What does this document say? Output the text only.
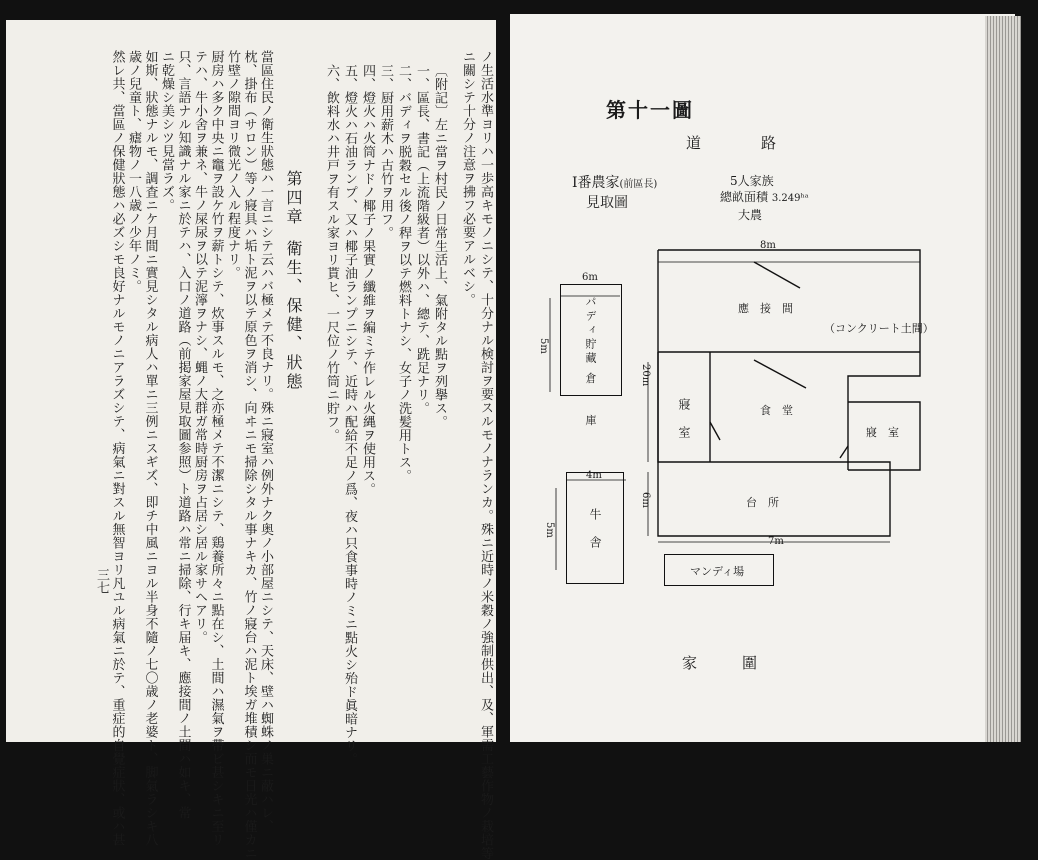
ノ生活水準ヨリハ一歩高キモノニシテ、十分ナル検討ヲ要スルモノナランカ。殊ニ近時ノ米穀ノ強制供出、及、軍需工藝作物ノ栽培等
ニ關シテ十分ノ注意ヲ拂フ必要アルベシ。
〔附記〕左ニ當ヲ村民ノ日常生活上、氣附タル點ヲ列擧ス。
一、區長、書記（上流階級者）以外ハ、總テ、跣足ナリ。
二、バディヲ脱穀セル後ノ稈ヲ以テ燃料トナシ、女子ノ洗髪用トス。
三、厨用薪木ハ古竹ヲ用フ。
四、燈火ハ火筒ナドノ椰子ノ果實ノ纖維ヲ編ミテ作レル火縄ヲ使用ス。
五、燈火ハ石油ランプ、又ハ椰子油ランプニシテ、近時ハ配給不足ノ爲、夜ハ只食事時ノミニ點火シ殆ド眞暗ナリ。
六、飲料水ハ井戸ヲ有スル家ヨリ貰ヒ、一尺位ノ竹筒ニ貯フ。
當區住民ノ衛生狀態ハ一言ニシテ云ハバ極メテ不良ナリ。殊ニ寢室ハ例外ナク奥ノ小部屋ニシテ、天床、壁ハ蜘蛛ノ巣ニ蔽ハレ、
枕、掛布（サロン）等ノ寢具ハ垢ト泥ヲ以テ原色ヲ消シ、向ヰニモ掃除シタル事ナキカ、竹ノ寢台ハ泥ト埃ガ堆積シ而モ日光ハ僅カニ
竹壁ノ隙間ヨリ微光ノ入ル程度ナリ。
厨房ハ多ク中央ニ竈ヲ設ケ竹ヲ薪トシテ、炊事スルモ、之亦極メテ不潔ニシテ、鶏養所々ニ點在シ、土間ハ濕氣ヲ帶ビ甚シキニ至リ
テハ、牛小舍ヲ兼ネ、牛ノ屎尿ヲ以テ泥濘ヲナシ、蝿ノ大群ガ常時厨房ヲ占居シ居ル家サヘアリ。
只、言語ナル知識ナル家ニ於テハ、入口ノ道路（前掲家屋見取圖参照）ト道路ハ常ニ掃除、行キ届キ、應接間ノ土間ハ如キ、常
ニ乾燥シ美シツ見當ラズ。
如斯、狀態ナルモ、調査ニケ月間ニ實見シタル病人ハ單ニ三例ニスギズ、即チ中風ニヨル半身不隨ノ七〇歳ノ老婆ト、脚氣ラシキ八
歳ノ兒童ト、瘧物ノ一八歳ノ少年ノミ。
然レ共、當區ノ保健狀態ハ必ズシモ良好ナルモノニアラズシテ、病氣ニ對スル無智ヨリ凡ユル病氣ニ於テ、重症的自覺症狀、或ハ甚	第四章
衛生、保健、狀態
三七
第十一圖
道　　　　路
Ⅰ番農家(前區長)
見取圖
5人家族
總畝面積 3.249ʰᵃ
大農
パディ貯藏 倉　　庫	應　接　間
（コンクリート土間）
寢 室	食　堂
寢　室
台　所
牛 舎
マンディ場
8m
6m
5m
20m
6m
7m
4m
5m
家　　　圍
